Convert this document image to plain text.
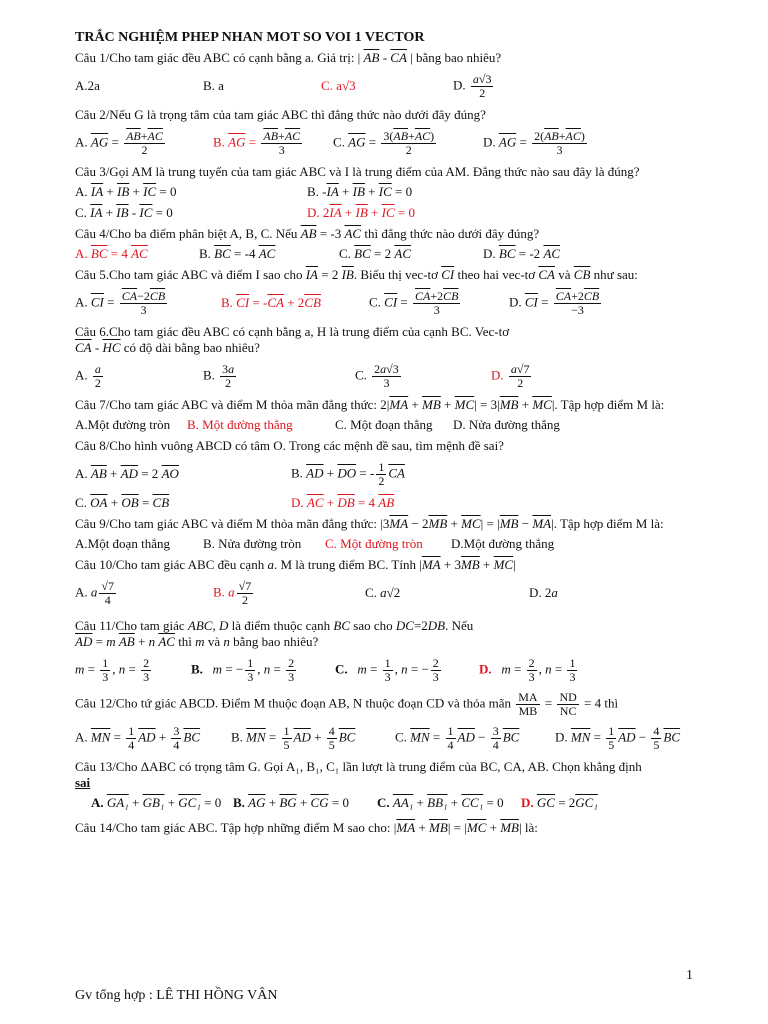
TRẮC NGHIỆM PHEP NHAN MOT SO VOI 1 VECTOR
Câu 1/Cho tam giác đều ABC có cạnh bằng a. Giá trị: | $\overline{AB} - \overline{CA}$ | bằng bao nhiêu?
A.2a	B. a	C. a√3	D. $\frac{a√3}{2}$
Câu 2/Nếu G là trọng tâm của tam giác ABC thì đẳng thức nào dưới đây đúng?
A. $\overline{AG} = \frac{\overline{AB}+\overline{AC}}{2}$	B. $\overline{AG} = \frac{\overline{AB}+\overline{AC}}{3} C$. $\overline{AG} = \frac{3(\overline{AB}+\overline{AC})}{2}$	D. $\overline{AG} = \frac{2(\overline{AB}+\overline{AC})}{3}$
Câu 3/Gọi AM là trung tuyến của tam giác ABC và I là trung điểm của AM. Đẳng thức nào sau đây là đúng?
A. $\overline{IA} + \overline{IB} + \overline{IC} = 0$	B. $-\overline{IA} + \overline{IB} + \overline{IC} = 0$
C. $\overline{IA} + \overline{IB} - \overline{IC} = 0$	D. $2\overline{IA} + \overline{IB} + \overline{IC} = 0$
Câu 4/Cho ba điểm phân biệt A, B, C. Nếu $\overline{AB} = -3$ $\overline{AC}$ thì đẳng thức nào dưới đây đúng?
A. $\overline{BC} = 4$ $\overline{AC}$	B. $\overline{BC} = -4$ $\overline{AC}$	C. $\overline{BC} = 2$ $\overline{AC}$	D. $\overline{BC} = -2$ $\overline{AC}$
Câu 5.Cho tam giác ABC và điểm I sao cho $\overline{IA} = 2$ $\overline{IB}$. Biểu thị vec-tơ $\overline{CI}$ theo hai vec-tơ $\overline{CA}$ và $\overline{CB}$ như sau:
A. $\overline{CI} = \frac{\overline{CA}-2\overline{CB}}{3}$	B. $\overline{CI} = -\overline{CA} + 2\overline{CB}$	C. $\overline{CI} = \frac{\overline{CA}+2\overline{CB}}{3}$	D. $\overline{CI} = \frac{\overline{CA}+2\overline{CB}}{-3}$
Câu 6.Cho tam giác đều ABC có cạnh bằng a, H là trung điểm của cạnh BC. Vec-tơ
$\overline{CA} - \overline{HC}$ có độ dài bằng bao nhiêu?
A. $\frac{a}{2}$	B. $\frac{3a}{2}$	C. $\frac{2a√3}{3}$	D. $\frac{a√7}{2}$
Câu 7/Cho tam giác ABC và điểm M thỏa mãn đẳng thức: $2|\overline{MA} + \overline{MB} + \overline{MC}| = 3|\overline{MB} + \overline{MC}|$. Tập hợp điểm M là:
A.Một đường tròn	B. Một đường thẳng	C. Một đoạn thẳng	D. Nửa đường thẳng
Câu 8/Cho hình vuông ABCD có tâm O. Trong các mệnh đề sau, tìm mệnh đề sai?
A. $\overline{AB} + \overline{AD} = 2$ $\overline{AO}$	B. $\overline{AD} + \overline{DO}$ = - $\frac{1}{2} \overline{CA}$
C. $\overline{OA} + \overline{OB} = \overline{CB}$	D. $\overline{AC} + \overline{DB} = 4$ $\overline{AB}$
Câu 9/Cho tam giác ABC và điểm M thỏa mãn đẳng thức: $|3\overline{MA} - 2\overline{MB} + \overline{MC}| = |\overline{MB} - \overline{MA}|$. Tập hợp điểm M là:
A.Một đoạn thẳng	B. Nửa đường tròn	C. Một đường tròn	D.Một đường thẳng
Câu 10/Cho tam giác ABC đều cạnh a. M là trung điểm BC. Tính $|\overline{MA} + 3\overline{MB} + \overline{MC}|$
A. a $\frac{√7}{4}$	B. a $\frac{√7}{2}$	C. a√2	D. 2a
Câu 11/Cho tam giác ABC, D là điểm thuộc cạnh BC sao cho DC=2DB. Nếu
$\overline{AD} = m$ $\overline{AB} + n$ $\overline{AC}$ thì m và n bằng bao nhiêu?
$m = \frac{1}{3}$ , $n = \frac{2}{3}$	B. m = − $\frac{1}{3}$ , $n = \frac{2}{3}$	C. $m = \frac{1}{3}$ , n = − $\frac{2}{3}$	D. $m = \frac{2}{3}$ , $n = \frac{1}{3}$
Câu 12/Cho tứ giác ABCD. Điểm M thuộc đoạn AB, N thuộc đoạn CD và thỏa mãn $\frac{MA}{MB} = \frac{ND}{NC} = 4$ thì
A. $\overline{MN} = \frac{1}{4} \overline{AD} + \frac{3}{4} \overline{BC}$	B. $\overline{MN} = \frac{1}{5} \overline{AD} + \frac{4}{5} \overline{BC}$	C. $\overline{MN} = \frac{1}{4} \overline{AD} - \frac{3}{4} \overline{BC}$	D. $\overline{MN} = \frac{1}{5} \overline{AD} - \frac{4}{5} \overline{BC}$
Câu 13/Cho ΔABC có trọng tâm G. Gọi A₁, B₁, C₁ lần lượt là trung điểm của BC, CA, AB. Chọn khẳng định
sai
A. GA₁ + GB₁ + GC₁ = 0 B. $\overline{AG} + \overline{BG} + \overline{CG} = 0$	C. AA₁ + BB₁ + CC₁ = 0	D. $\overline{GC} = 2GC_1$
Câu 14/Cho tam giác ABC. Tập hợp những điểm M sao cho: $|\overline{MA} + \overline{MB}| = |\overline{MC} + \overline{MB}|$ là:
1
Gv tổng hợp : LÊ THI HỒNG VÂN
